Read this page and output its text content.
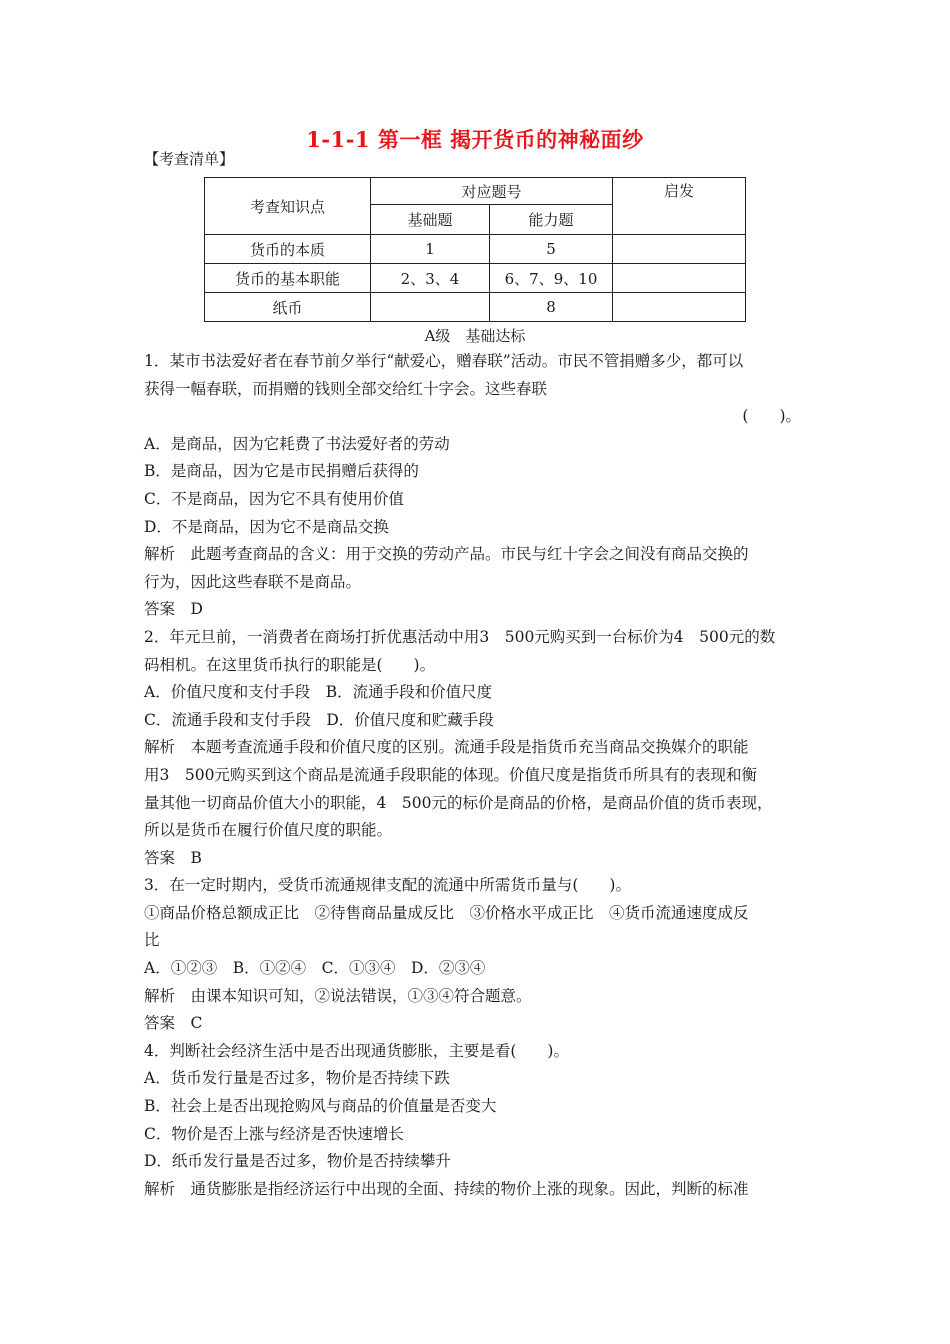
1-1-1 第一框 揭开货币的神秘面纱
【考查清单】
考查知识点	对应题号		启发
	基础题	能力题	
货币的本质	1	5	
货币的基本职能	2、3、4	6、7、9、10	
纸币		8	
A级　基础达标

1．某市书法爱好者在春节前夕举行“献爱心，赠春联”活动。市民不管捐赠多少，都可以

获得一幅春联，而捐赠的钱则全部交给红十字会。这些春联

(　　)。

A．是商品，因为它耗费了书法爱好者的劳动

B．是商品，因为它是市民捐赠后获得的

C．不是商品，因为它不具有使用价值

D．不是商品，因为它不是商品交换

解析　此题考查商品的含义：用于交换的劳动产品。市民与红十字会之间没有商品交换的

行为，因此这些春联不是商品。

答案　D

2．年元旦前，一消费者在商场打折优惠活动中用3　500元购买到一台标价为4　500元的数

码相机。在这里货币执行的职能是(　　)。

A．价值尺度和支付手段　B．流通手段和价值尺度

C．流通手段和支付手段　D．价值尺度和贮藏手段

解析　本题考查流通手段和价值尺度的区别。流通手段是指货币充当商品交换媒介的职能

用3　500元购买到这个商品是流通手段职能的体现。价值尺度是指货币所具有的表现和衡

量其他一切商品价值大小的职能，4　500元的标价是商品的价格，是商品价值的货币表现，

所以是货币在履行价值尺度的职能。

答案　B

3．在一定时期内，受货币流通规律支配的流通中所需货币量与(　　)。

①商品价格总额成正比　②待售商品量成反比　③价格水平成正比　④货币流通速度成反

比

A．①②③　B．①②④　C．①③④　D．②③④

解析　由课本知识可知，②说法错误，①③④符合题意。

答案　C

4．判断社会经济生活中是否出现通货膨胀，主要是看(　　)。

A．货币发行量是否过多，物价是否持续下跌

B．社会上是否出现抢购风与商品的价值量是否变大

C．物价是否上涨与经济是否快速增长

D．纸币发行量是否过多，物价是否持续攀升

解析　通货膨胀是指经济运行中出现的全面、持续的物价上涨的现象。因此，判断的标准
